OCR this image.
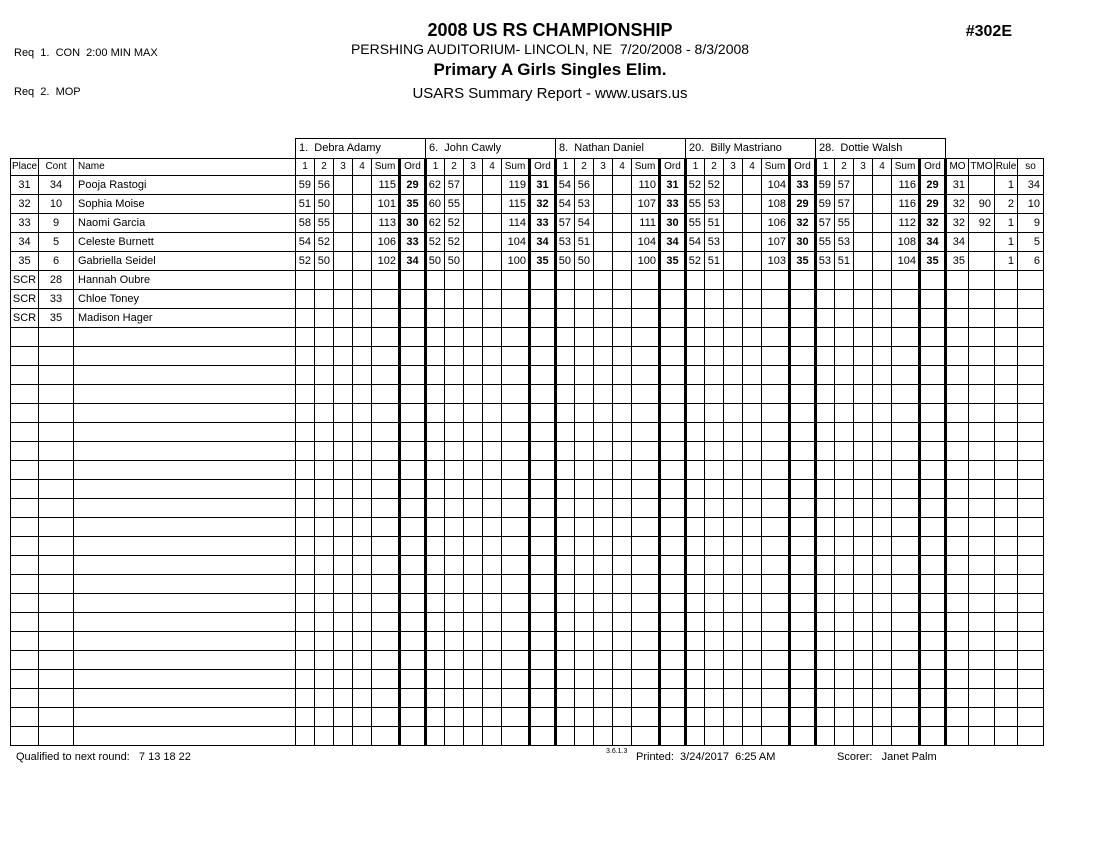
Req  1.  CON  2:00 MIN MAX

Req  2.  MOP

2008 US RS CHAMPIONSHIP
PERSHING AUDITORIUM- LINCOLN, NE  7/20/2008 - 8/3/2008
Primary A Girls Singles Elim.
USARS Summary Report - www.usars.us
#302E
			1.  Debra Adamy						6.  John Cawly						8.  Nathan Daniel						20.  Billy Mastriano						28.  Dottie Walsh									
Place	Cont	Name	1	2	3	4	Sum	Ord	1	2	3	4	Sum	Ord	1	2	3	4	Sum	Ord	1	2	3	4	Sum	Ord	1	2	3	4	Sum	Ord	MO	TMO	Rule	so
31	34	Pooja Rastogi	59	56			115	29	62	57			119	31	54	56			110	31	52	52			104	33	59	57			116	29	31		1	34
32	10	Sophia Moise	51	50			101	35	60	55			115	32	54	53			107	33	55	53			108	29	59	57			116	29	32	90	2	10
33	9	Naomi Garcia	58	55			113	30	62	52			114	33	57	54			111	30	55	51			106	32	57	55			112	32	32	92	1	9
34	5	Celeste Burnett	54	52			106	33	52	52			104	34	53	51			104	34	54	53			107	30	55	53			108	34	34		1	5
35	6	Gabriella Seidel	52	50			102	34	50	50			100	35	50	50			100	35	52	51			103	35	53	51			104	35	35		1	6
SCR	28	Hannah Oubre																																		
SCR	33	Chloe Toney																																		
SCR	35	Madison Hager																																		

Qualified to next round:   7 13 18 22	3.6.1.3 Printed:  3/24/2017  6:25 AM	Scorer:   Janet Palm
